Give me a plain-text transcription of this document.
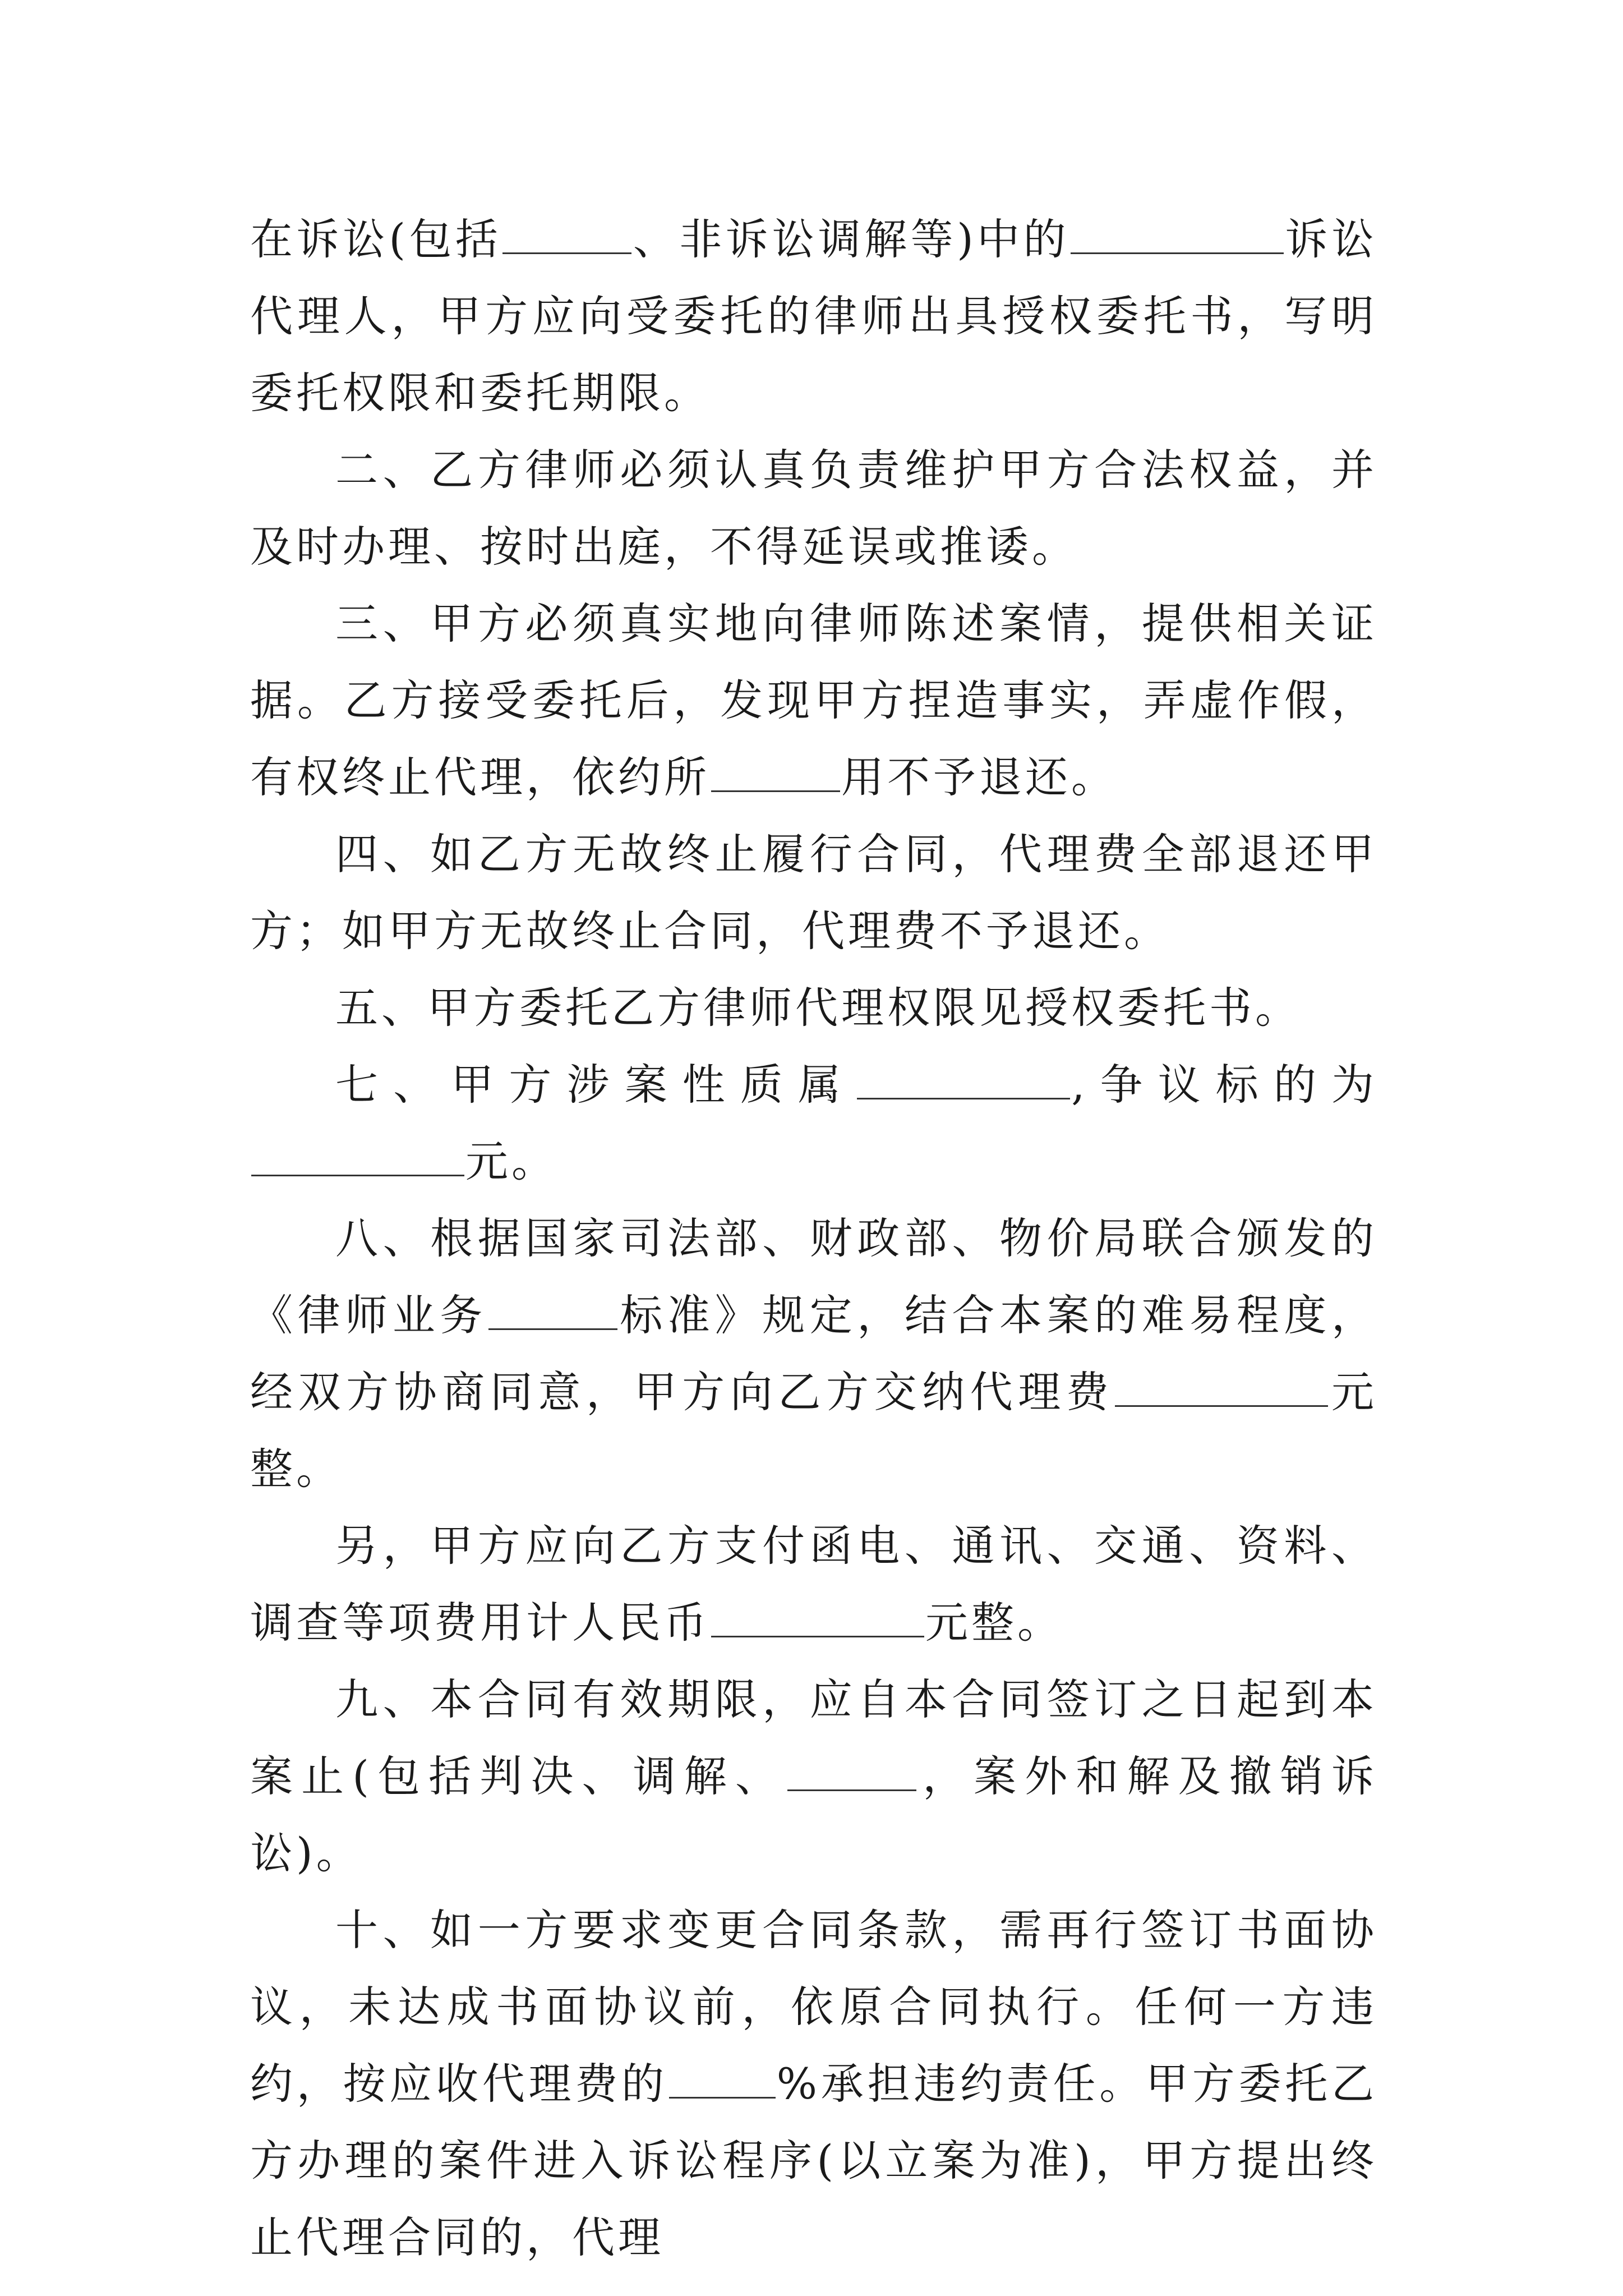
在诉讼(包括	、非诉讼调解等)中的	诉讼代理人，甲方应向受委托的律师出具授权委托书，写明委托权限和委托期限。

二、乙方律师必须认真负责维护甲方合法权益，并及时办理、按时出庭，不得延误或推诿。

三、甲方必须真实地向律师陈述案情，提供相关证据。乙方接受委托后，发现甲方捏造事实，弄虚作假，有权终止代理，依约所	用不予退还。

四、如乙方无故终止履行合同，代理费全部退还甲方；如甲方无故终止合同，代理费不予退还。

五、甲方委托乙方律师代理权限见授权委托书。

七、甲方涉案性质属	,争议标的为元。

八、根据国家司法部、财政部、物价局联合颁发的《律师业务	标准》规定，结合本案的难易程度，经双方协商同意，甲方向乙方交纳代理费	元整。

另，甲方应向乙方支付函电、通讯、交通、资料、调查等项费用计人民币	元整。

九、本合同有效期限，应自本合同签订之日起到本案止(包括判决、调解、	，案外和解及撤销诉讼)。

十、如一方要求变更合同条款，需再行签订书面协议，未达成书面协议前，依原合同执行。任何一方违约，按应收代理费的	%承担违约责任。甲方委托乙方办理的案件进入诉讼程序(以立案为准)，甲方提出终止代理合同的，代理
